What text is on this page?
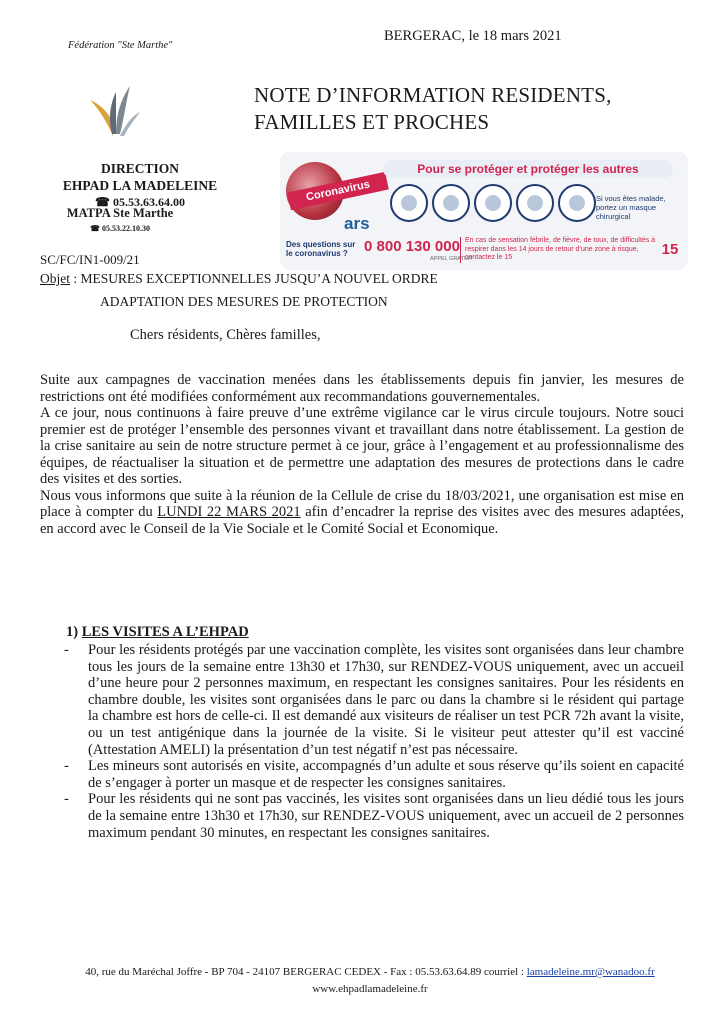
Fédération "Ste Marthe"
BERGERAC, le 18 mars 2021
NOTE D’INFORMATION RESIDENTS,
FAMILLES ET PROCHES
DIRECTION
EHPAD LA MADELEINE
☎ 05.53.63.64.00
MATPA Ste Marthe
☎ 05.53.22.10.30
SC/FC/IN1-009/21
Objet : MESURES EXCEPTIONNELLES JUSQU’A NOUVEL ORDRE
ADAPTATION DES MESURES DE PROTECTION
Coronavirus
ars
Pour se protéger et protéger les autres
Si vous êtes malade, portez un masque chirurgical
Des questions sur le coronavirus ?	0 800 130 000
APPEL GRATUIT
En cas de sensation fébrile, de fièvre, de toux, de difficultés à respirer dans les 14 jours de retour d’une zone à risque, contactez le 15	15
Chers résidents, Chères familles,

Suite aux campagnes de vaccination menées dans les établissements depuis fin janvier, les mesures de restrictions ont été modifiées conformément aux recommandations gouvernementales.

A ce jour, nous continuons à faire preuve d’une extrême vigilance car le virus circule toujours. Notre souci premier est de protéger l’ensemble des personnes vivant et travaillant dans notre établissement. La gestion de la crise sanitaire au sein de notre structure permet à ce jour, grâce à l’engagement et au professionnalisme des équipes, de réactualiser la situation et de permettre une adaptation des mesures de protections dans le cadre des visites et des sorties.

Nous vous informons que suite à la réunion de la Cellule de crise du 18/03/2021, une organisation est mise en place à compter du LUNDI 22 MARS 2021 afin d’encadrer la reprise des visites avec des mesures adaptées, en accord avec le Conseil de la Vie Sociale et le Comité Social et Economique.

1) LES VISITES A L’EHPAD
-	Pour les résidents protégés par une vaccination complète, les visites sont organisées dans leur chambre tous les jours de la semaine entre 13h30 et 17h30, sur RENDEZ-VOUS uniquement, avec un accueil d’une heure pour 2 personnes maximum, en respectant les consignes sanitaires. Pour les résidents en chambre double, les visites sont organisées dans le parc ou dans la chambre si le résident qui partage la chambre est hors de celle-ci. Il est demandé aux visiteurs de réaliser un test PCR 72h avant la visite, ou un test antigénique dans la journée de la visite. Si le visiteur peut attester qu’il est vacciné (Attestation AMELI) la présentation d’un test négatif n’est pas nécessaire.
-	Les mineurs sont autorisés en visite, accompagnés d’un adulte et sous réserve qu’ils soient en capacité de s’engager à porter un masque et de respecter les consignes sanitaires.
-	Pour les résidents qui ne sont pas vaccinés, les visites sont organisées dans un lieu dédié tous les jours de la semaine entre 13h30 et 17h30, sur RENDEZ-VOUS uniquement, avec un accueil de 2 personnes maximum pendant 30 minutes, en respectant les consignes sanitaires.
40, rue du Maréchal Joffre - BP 704 - 24107 BERGERAC CEDEX - Fax : 05.53.63.64.89 courriel : lamadeleine.mr@wanadoo.fr
www.ehpadlamadeleine.fr
